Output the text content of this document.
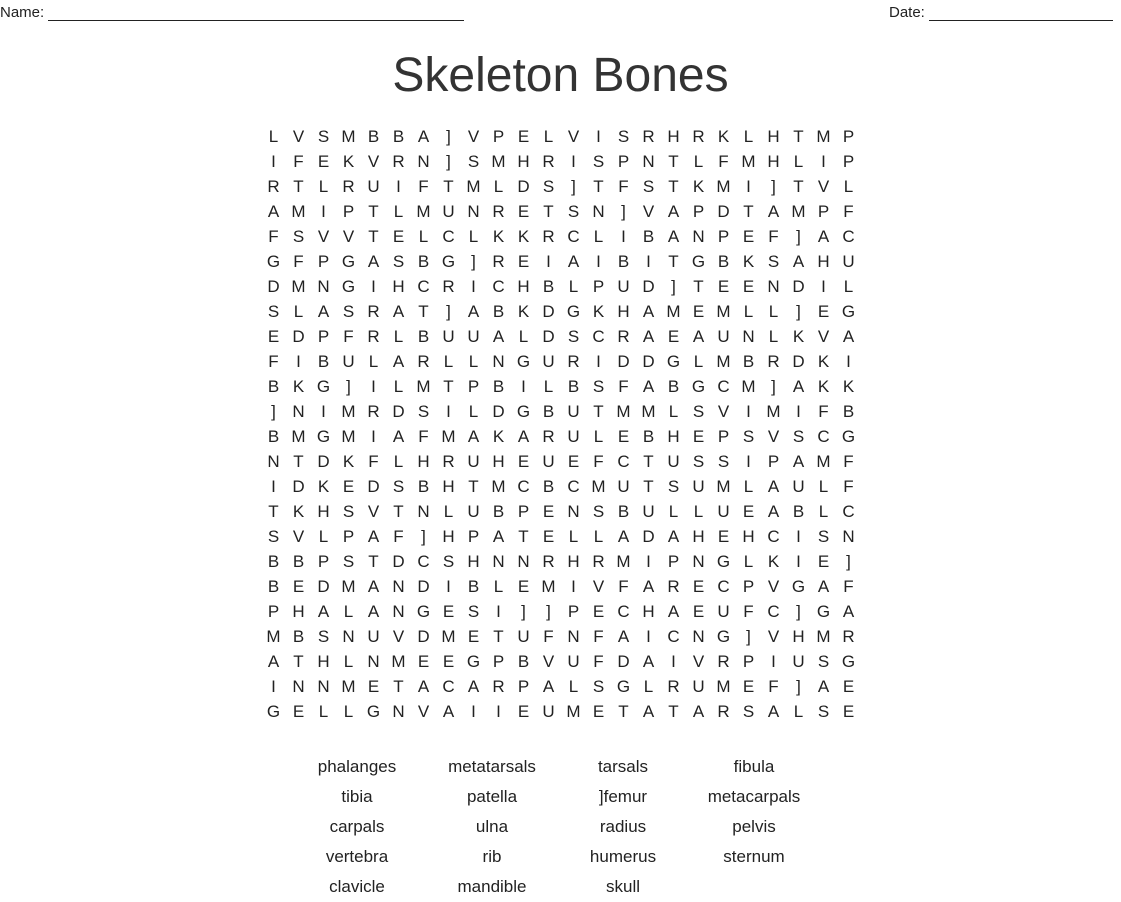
Name:	Date:
Skeleton Bones
L V S M B B A ] V P E L V I S R H R K L H T M P
I	F E K V R N ] S M H R I S P N T L F M H L	I P
R T L R U I	F T M L D S ]	T F S T K M I	]	T V L
A M I P T L M U N R E T S N ] V A P D T A M P F
F S V V T E L C L K K R C L	I B A N P E F	] A C
G F P G A S B G ] R E I A I B I	T G B K S A H U
D M N G I H C R I C H B L P U D ]	T E E N D I	L
S L A S R A T	] A B K D G K H A M E M L L	] E G
E D P F R L B U U A L D S C R A E A U N L K V A
F	I B U L A R L L N G U R I D D G L M B R D K I
B K G ]	I	L M T P B I	L B S F A B G C M ] A K K
] N I M R D S I	L D G B U T M M L S V I M I	F B
B M G M I A F M A K A R U L E B H E P S V S C G
N T D K F L H R U H E U E F C T U S S I P A M F
I D K E D S B H T M C B C M U T S U M L A U L F
T K H S V T N L U B P E N S B U L L U E A B L C
S V L P A F	] H P A T E L L A D A H E H C I S N
B B P S T D C S H N N R H R M I P N G L K I E ]
B E D M A N D I B L E M I V F A R E C P V G A F
P H A L A N G E S I	]	] P E C H A E U F C ] G A
M B S N U V D M E T U F N F A I C N G ] V H M R
A T H L N M E E G P B V U F D A I V R P I U S G
I N N M E T A C A R P A L S G L R U M E F	] A E
G E L L G N V A I	I E U M E T A T A R S A L S E
phalanges	metatarsals	tarsals	fibula
tibia	patella	]femur	metacarpals
carpals	ulna	radius	pelvis
vertebra	rib	humerus	sternum
clavicle	mandible	skull
